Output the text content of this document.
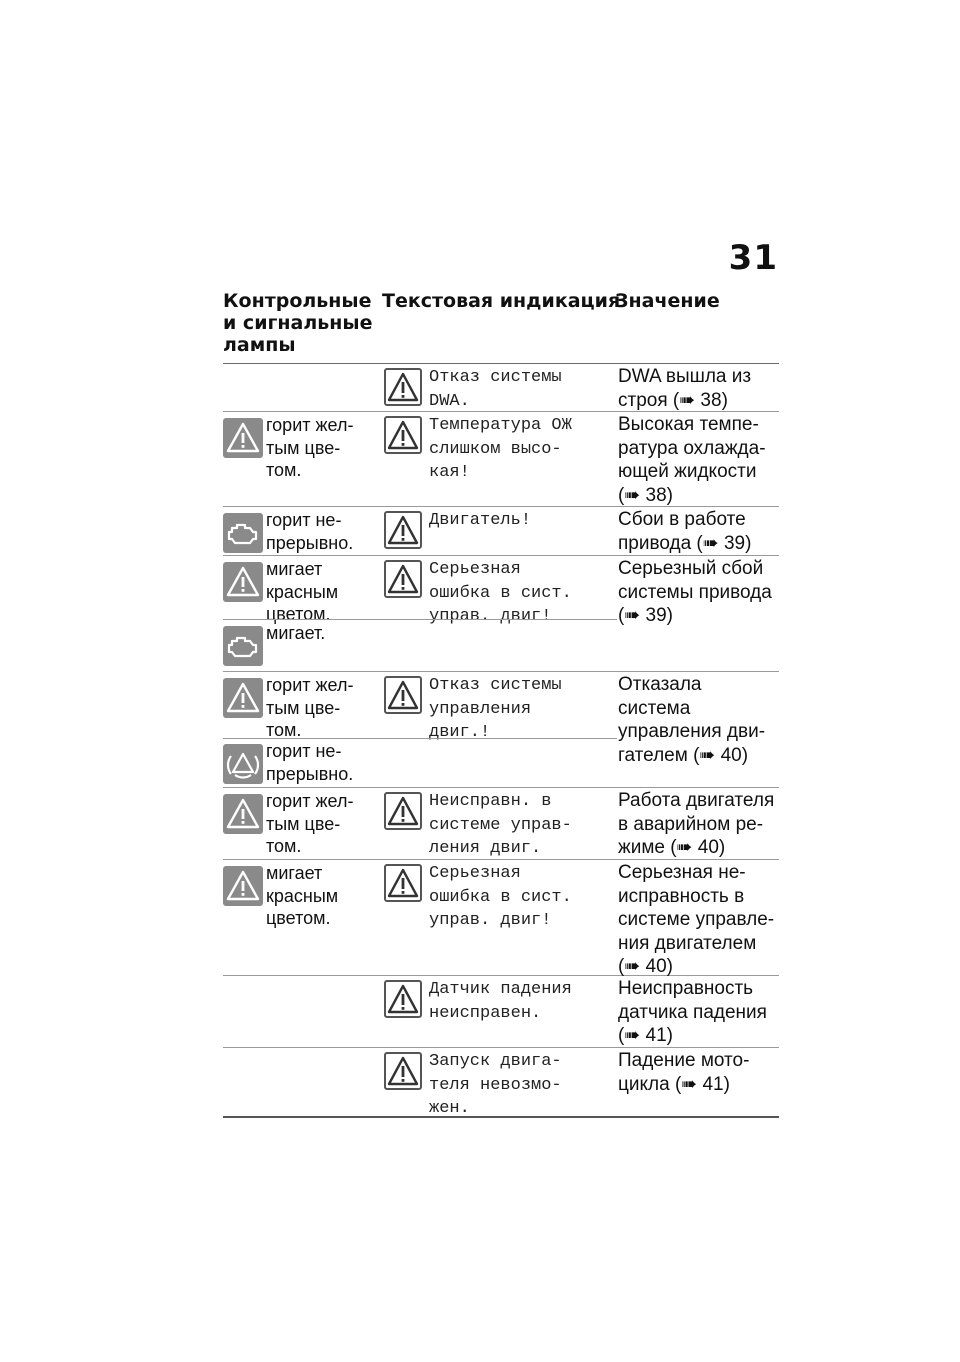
31
Контрольные
и сигнальные
лампы
Текстовая индикация
Значение
Отказ системы
DWA.
DWA вышла из
строя (➠ 38)
горит жел-
тым цве-
том.
Температура ОЖ
слишком высо-
кая!
Высокая темпе-
ратура охлажда-
ющей жидкости
(➠ 38)
горит не-
прерывно.
Двигатель!	Сбои в работе
привода (➠ 39)
мигает
красным
цветом.
мигает.
Серьезная
ошибка в сист.
управ. двиг!
Серьезный сбой
системы привода
(➠ 39)
горит жел-
тым цве-
том.
горит не-
прерывно.
Отказ системы
управления
двиг.!
Отказала система
управления дви-
гателем (➠ 40)
горит жел-
тым цве-
том.
Неисправн. в
системе управ-
ления двиг.
Работа двигателя
в аварийном ре-
жиме (➠ 40)
мигает
красным
цветом.
Серьезная
ошибка в сист.
управ. двиг!
Серьезная не-
исправность в
системе управле-
ния двигателем
(➠ 40)
Датчик падения
неисправен.
Неисправность
датчика падения
(➠ 41)
Запуск двига-
теля невозмо-
жен.
Падение мото-
цикла (➠ 41)
